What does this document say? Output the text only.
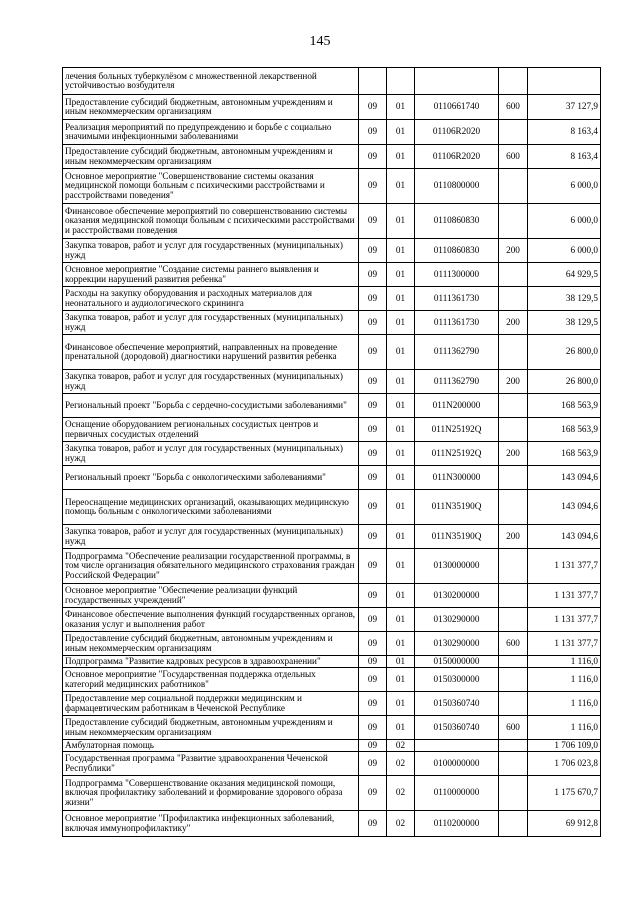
145
лечения больных туберкулёзом с множественной лекарственной устойчивостью возбудителя					
Предоставление субсидий бюджетным, автономным учреждениям и иным некоммерческим организациям	09	01	0110661740	600	37 127,9
Реализация мероприятий по предупреждению и борьбе с социально значимыми инфекционными заболеваниями	09	01	01106R2020		8 163,4
Предоставление субсидий бюджетным, автономным учреждениям и иным некоммерческим организациям	09	01	01106R2020	600	8 163,4
Основное мероприятие "Совершенствование системы оказания медицинской помощи больным с психическими расстройствами и расстройствами поведения"	09	01	0110800000		6 000,0
Финансовое обеспечение мероприятий по совершенствованию системы оказания медицинской помощи больным с психическими расстройствами и расстройствами поведения	09	01	0110860830		6 000,0
Закупка товаров, работ и услуг для государственных (муниципальных) нужд	09	01	0110860830	200	6 000,0
Основное мероприятие "Создание системы раннего выявления и коррекции нарушений развития ребенка"	09	01	0111300000		64 929,5
Расходы на закупку оборудования и расходных материалов для неонатального и аудиологического скрининга	09	01	0111361730		38 129,5
Закупка товаров, работ и услуг для государственных (муниципальных) нужд	09	01	0111361730	200	38 129,5
Финансовое обеспечение мероприятий, направленных на проведение пренатальной (дородовой) диагностики нарушений развития ребенка	09	01	0111362790		26 800,0
Закупка товаров, работ и услуг для государственных (муниципальных) нужд	09	01	0111362790	200	26 800,0
Региональный проект "Борьба с сердечно-сосудистыми заболеваниями"	09	01	011N200000		168 563,9
Оснащение оборудованием региональных сосудистых центров и первичных сосудистых отделений	09	01	011N25192Q		168 563,9
Закупка товаров, работ и услуг для государственных (муниципальных) нужд	09	01	011N25192Q	200	168 563,9
Региональный проект "Борьба с онкологическими заболеваниями"	09	01	011N300000		143 094,6
Переоснащение медицинских организаций, оказывающих медицинскую помощь больным с онкологическими заболеваниями	09	01	011N35190Q		143 094,6
Закупка товаров, работ и услуг для государственных (муниципальных) нужд	09	01	011N35190Q	200	143 094,6
Подпрограмма "Обеспечение реализации государственной программы, в том числе организация обязательного медицинского страхования граждан Российской Федерации"	09	01	0130000000		1 131 377,7
Основное мероприятие "Обеспечение реализации функций государственных учреждений"	09	01	0130200000		1 131 377,7
Финансовое обеспечение выполнения функций государственных органов, оказания услуг и выполнения работ	09	01	0130290000		1 131 377,7
Предоставление субсидий бюджетным, автономным учреждениям и иным некоммерческим организациям	09	01	0130290000	600	1 131 377,7
Подпрограмма "Развитие кадровых ресурсов в здравоохранении"	09	01	0150000000		1 116,0
Основное мероприятие "Государственная поддержка отдельных категорий медицинских работников"	09	01	0150300000		1 116,0
Предоставление мер социальной поддержки медицинским и фармацевтическим работникам в Чеченской Республике	09	01	0150360740		1 116,0
Предоставление субсидий бюджетным, автономным учреждениям и иным некоммерческим организациям	09	01	0150360740	600	1 116,0
Амбулаторная помощь	09	02			1 706 109,0
Государственная программа "Развитие здравоохранения Чеченской Республики"	09	02	0100000000		1 706 023,8
Подпрограмма "Совершенствование оказания медицинской помощи, включая профилактику заболеваний и формирование здорового образа жизни"	09	02	0110000000		1 175 670,7
Основное мероприятие "Профилактика инфекционных заболеваний, включая иммунопрофилактику"	09	02	0110200000		69 912,8
